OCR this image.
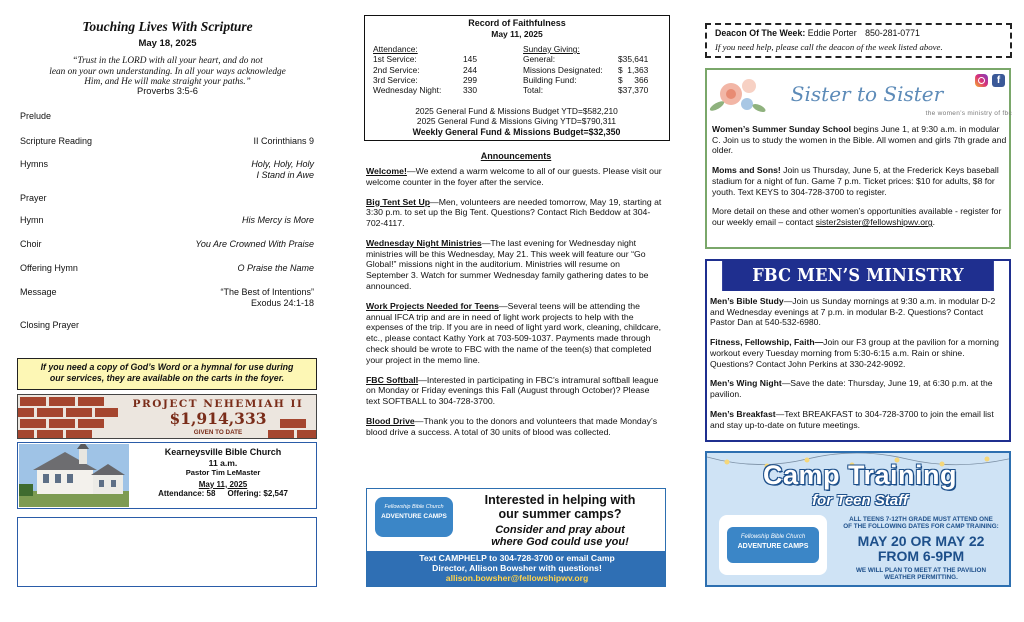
Touching Lives With Scripture
May 18, 2025
“Trust in the LORD with all your heart, and do not
lean on your own understanding. In all your ways acknowledge
Him, and He will make straight your paths.”
Proverbs 3:5-6
Prelude
Scripture Reading	II Corinthians 9
Hymns	Holy, Holy, Holy
I Stand in Awe
Prayer
Hymn	His Mercy is More
Choir	You Are Crowned With Praise
Offering Hymn	O Praise the Name
Message	“The Best of Intentions”
Exodus 24:1-18
Closing Prayer
If you need a copy of God’s Word or a hymnal for use during
our services, they are available on the carts in the foyer.
PROJECT NEHEMIAH II
$1,914,333
GIVEN TO DATE
Kearneysville Bible Church
11 a.m.
Pastor Tim LeMaster
May 11, 2025
Attendance: 58 Offering: $2,547
Record of Faithfulness
May 11, 2025
Attendance:
1st Service:	145
2nd Service:	244
3rd Service:	299
Wednesday Night:	330
Sunday Giving:
General:	$35,641
Missions Designated: $  1,363
Building Fund:	$     366
Total:	$37,370
2025 General Fund & Missions Budget YTD=$582,210
2025 General Fund & Missions Giving YTD=$790,311
Weekly General Fund & Missions Budget=$32,350
Announcements

Welcome!—We extend a warm welcome to all of our guests. Please visit our welcome counter in the foyer after the service.

Big Tent Set Up—Men, volunteers are needed tomorrow, May 19, starting at 3:30 p.m. to set up the Big Tent. Questions? Contact Rich Beddow at 304-702-4117.

Wednesday Night Ministries—The last evening for Wednesday night ministries will be this Wednesday, May 21. This week will feature our “Go Global!” missions night in the auditorium. Ministries will resume on September 3. Watch for summer Wednesday family gathering dates to be announced.

Work Projects Needed for Teens—Several teens will be attending the annual IFCA trip and are in need of light work projects to help with the expenses of the trip. If you are in need of light yard work, cleaning, childcare, etc., please contact Kathy York at 703-509-1037. Payments made through check should be wrote to FBC with the name of the teen(s) that completed your project in the memo line.

FBC Softball—Interested in participating in FBC’s intramural softball league on Monday or Friday evenings this Fall (August through October)? Please text SOFTBALL to 304-728-3700.

Blood Drive—Thank you to the donors and volunteers that made Monday’s blood drive a success. A total of 30 units of blood was collected.

Fellowship Bible Church
ADVENTURE CAMPS
Interested in helping with
our summer camps?
Consider and pray about
where God could use you!
Text CAMPHELP to 304-728-3700 or email Camp
Director, Allison Bowsher with questions!
allison.bowsher@fellowshipwv.org
Deacon Of The Week: Eddie Porter 850-281-0771
If you need help, please call the deacon of the week listed above.
Sister to Sister
the women’s ministry of fbc
f

Women’s Summer Sunday School begins June 1, at 9:30 a.m. in modular C. Join us to study the women in the Bible. All women and girls 7th grade and older.

Moms and Sons! Join us Thursday, June 5, at the Frederick Keys baseball stadium for a night of fun. Game 7 p.m. Ticket prices: $10 for adults, $8 for youth. Text KEYS to 304-728-3700 to register.

More detail on these and other women’s opportunities available - register for our weekly email – contact sister2sister@fellowshipwv.org.

FBC MEN’S MINISTRY

Men’s Bible Study—Join us Sunday mornings at 9:30 a.m. in modular D-2 and Wednesday evenings at 7 p.m. in modular B-2. Questions? Contact Pastor Dan at 540-532-6980.

Fitness, Fellowship, Faith—Join our F3 group at the pavilion for a morning workout every Tuesday morning from 5:30-6:15 a.m. Rain or shine. Questions? Contact John Perkins at 330-242-9092.

Men’s Wing Night—Save the date: Thursday, June 19, at 6:30 p.m. at the pavilion.

Men’s Breakfast—Text BREAKFAST to 304-728-3700 to join the email list and stay up-to-date on future meetings.

Camp Training
for Teen Staff
Fellowship Bible Church
ADVENTURE CAMPS
ALL TEENS 7-12TH GRADE MUST ATTEND ONE
OF THE FOLLOWING DATES FOR CAMP TRAINING:
MAY 20 OR MAY 22
FROM 6-9PM
WE WILL PLAN TO MEET AT THE PAVILION
WEATHER PERMITTING.
